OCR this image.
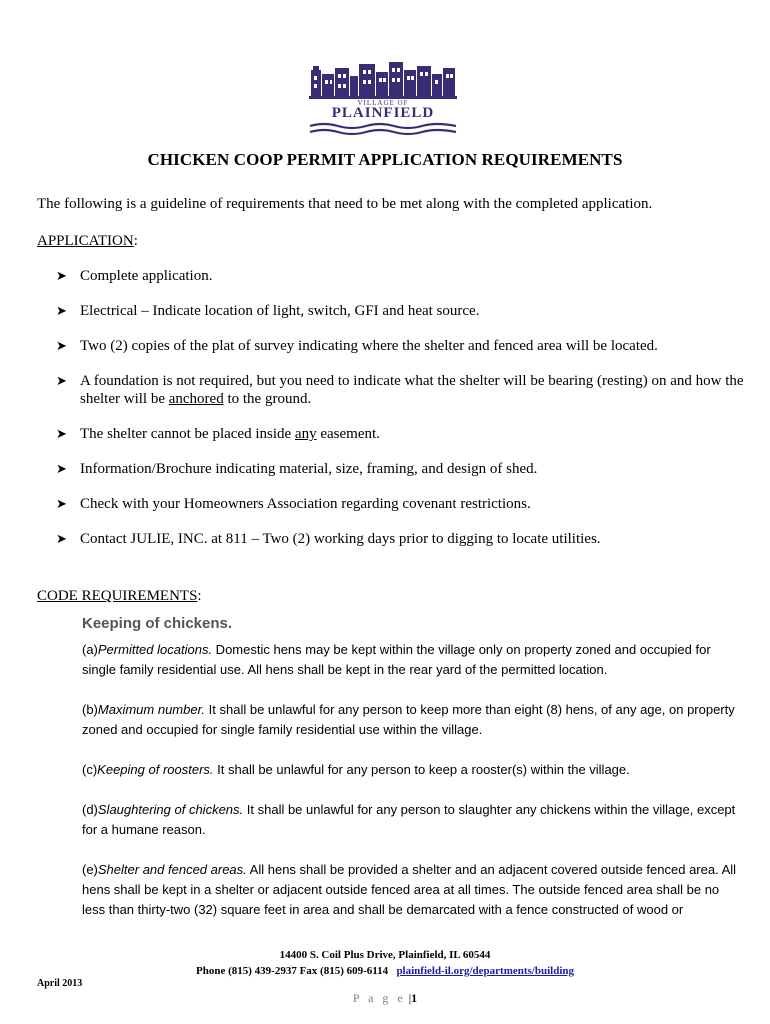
VILLAGE OF
PLAINFIELD
CHICKEN COOP PERMIT APPLICATION REQUIREMENTS

The following is a guideline of requirements that need to be met along with the completed application.

APPLICATION:

➤ Complete application.
➤ Electrical – Indicate location of light, switch, GFI and heat source.
➤ Two (2) copies of the plat of survey indicating where the shelter and fenced area will be located.
➤ A foundation is not required, but you need to indicate what the shelter will be bearing (resting) on and how the shelter will be anchored to the ground.
➤ The shelter cannot be placed inside any easement.
➤ Information/Brochure indicating material, size, framing, and design of shed.
➤ Check with your Homeowners Association regarding covenant restrictions.
➤ Contact JULIE, INC. at 811 – Two (2) working days prior to digging to locate utilities.

CODE REQUIREMENTS:

Keeping of chickens.

(a)Permitted locations. Domestic hens may be kept within the village only on property zoned and occupied for single family residential use. All hens shall be kept in the rear yard of the permitted location.

(b)Maximum number. It shall be unlawful for any person to keep more than eight (8) hens, of any age, on property zoned and occupied for single family residential use within the village.

(c)Keeping of roosters. It shall be unlawful for any person to keep a rooster(s) within the village.

(d)Slaughtering of chickens. It shall be unlawful for any person to slaughter any chickens within the village, except for a humane reason.

(e)Shelter and fenced areas. All hens shall be provided a shelter and an adjacent covered outside fenced area. All hens shall be kept in a shelter or adjacent outside fenced area at all times. The outside fenced area shall be no less than thirty-two (32) square feet in area and shall be demarcated with a fence constructed of wood or

14400 S. Coil Plus Drive, Plainfield, IL 60544
Phone (815) 439-2937 Fax (815) 609-6114 plainfield-il.org/departments/building
April 2013
P a g e |1
